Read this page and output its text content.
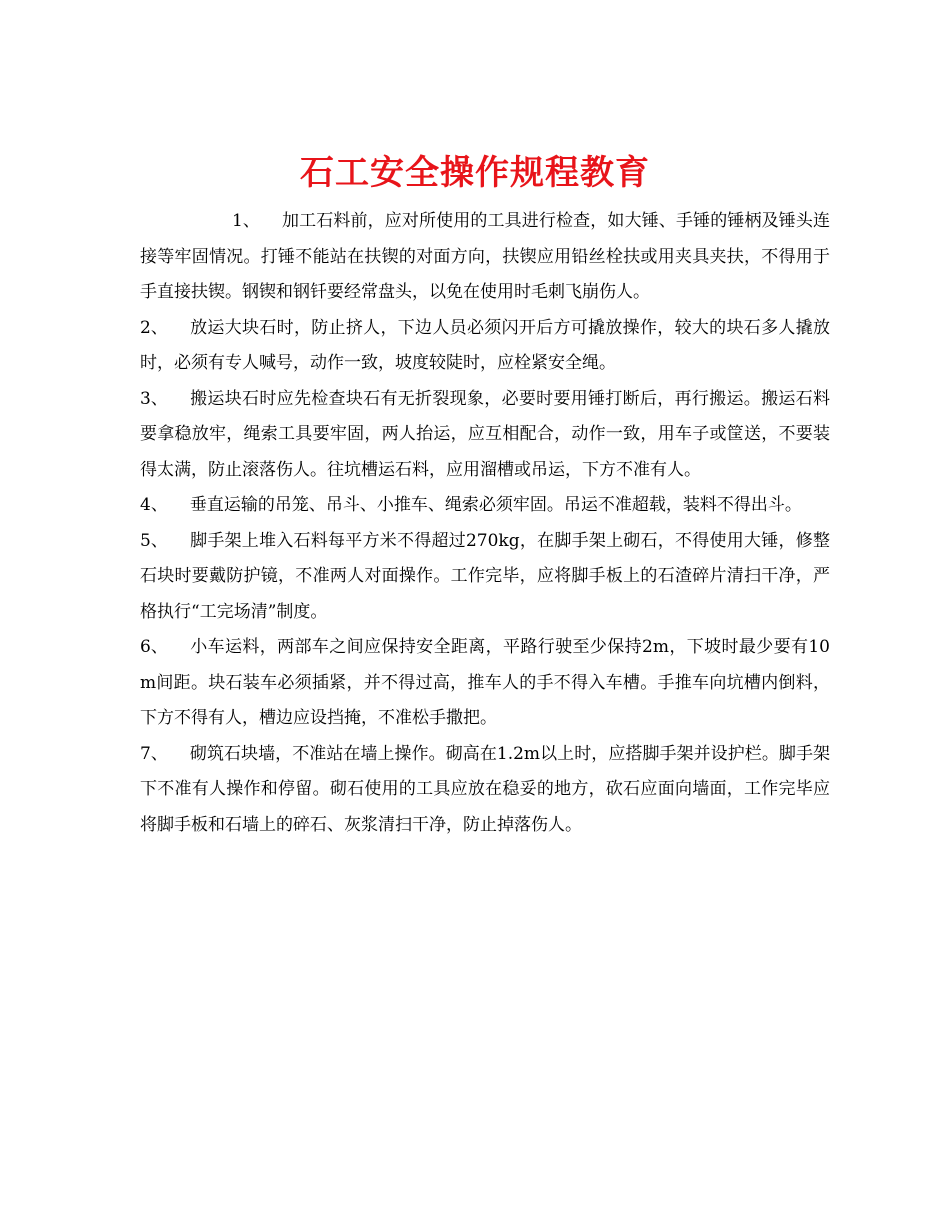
石工安全操作规程教育

1、 加工石料前，应对所使用的工具进行检查，如大锤、手锤的锤柄及锤头连接等牢固情况。打锤不能站在扶锲的对面方向，扶锲应用铅丝栓扶或用夹具夹扶，不得用于手直接扶锲。钢锲和钢钎要经常盘头，以免在使用时毛刺飞崩伤人。

2、 放运大块石时，防止挤人，下边人员必须闪开后方可撬放操作，较大的块石多人撬放时，必须有专人喊号，动作一致，坡度较陡时，应栓紧安全绳。

3、 搬运块石时应先检查块石有无折裂现象，必要时要用锤打断后，再行搬运。搬运石料要拿稳放牢，绳索工具要牢固，两人抬运，应互相配合，动作一致，用车子或筐送，不要装得太满，防止滚落伤人。往坑槽运石料，应用溜槽或吊运，下方不准有人。

4、 垂直运输的吊笼、吊斗、小推车、绳索必须牢固。吊运不准超载，装料不得出斗。

5、 脚手架上堆入石料每平方米不得超过270kg，在脚手架上砌石，不得使用大锤，修整石块时要戴防护镜，不准两人对面操作。工作完毕，应将脚手板上的石渣碎片清扫干净，严格执行“工完场清”制度。

6、 小车运料，两部车之间应保持安全距离，平路行驶至少保持2m，下坡时最少要有10m间距。块石装车必须插紧，并不得过高，推车人的手不得入车槽。手推车向坑槽内倒料，下方不得有人，槽边应设挡掩，不准松手撒把。

7、 砌筑石块墙，不准站在墙上操作。砌高在1.2m以上时，应搭脚手架并设护栏。脚手架下不准有人操作和停留。砌石使用的工具应放在稳妥的地方，砍石应面向墙面，工作完毕应将脚手板和石墙上的碎石、灰浆清扫干净，防止掉落伤人。
